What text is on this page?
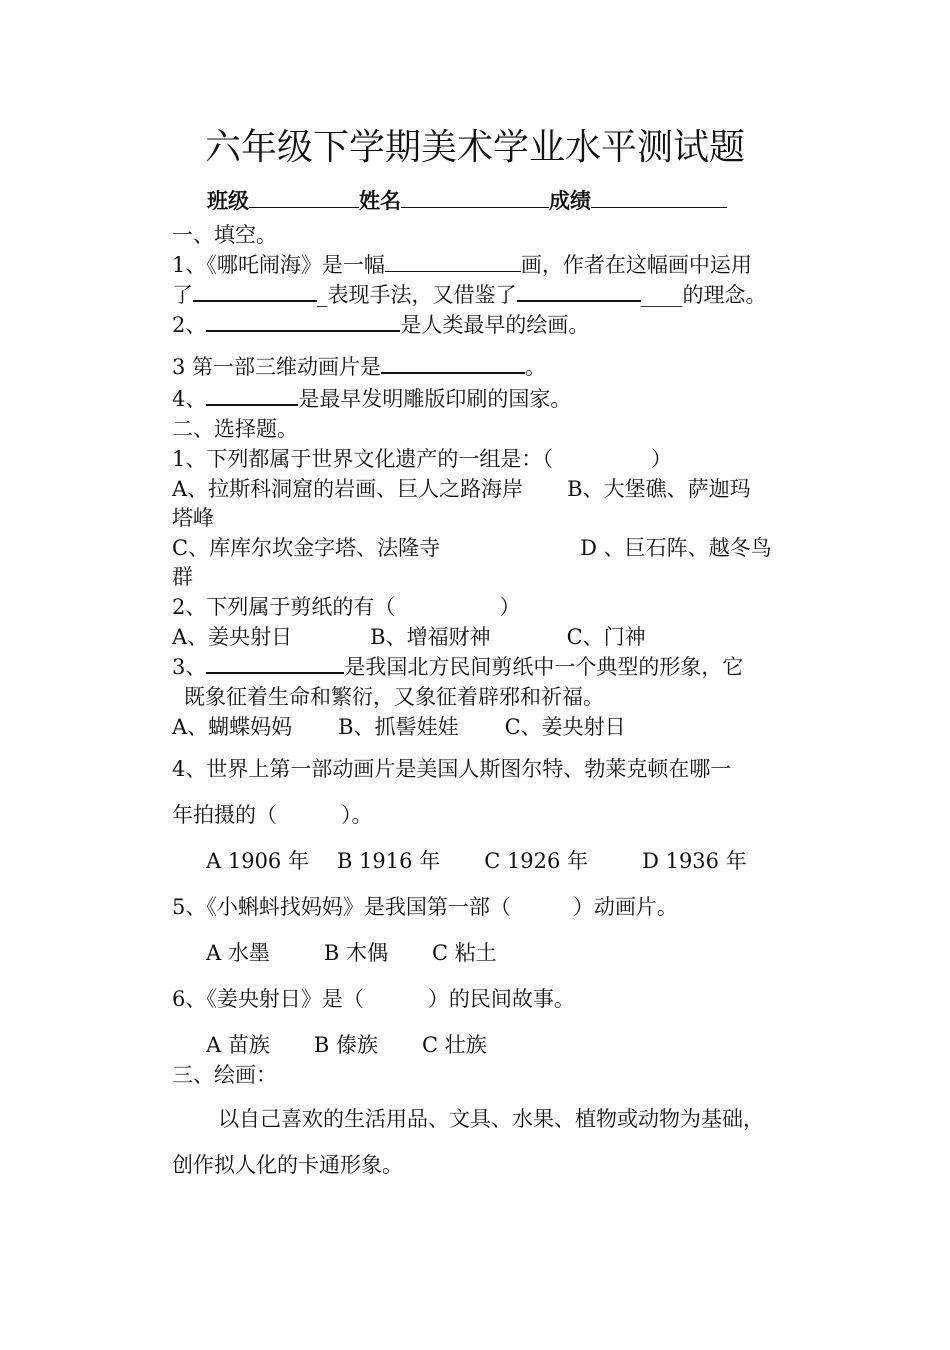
六年级下学期美术学业水平测试题
班级	姓名	成绩
一、填空。
1、《哪吒闹海》是一幅	画，作者在这幅画中运用
了	_表现手法，又借鉴了	____的理念。
2、	是人类最早的绘画。
3 第一部三维动画片是	。
4、	是最早发明雕版印刷的国家。
二、选择题。
1、下列都属于世界文化遗产的一组是：（	）
A、拉斯科洞窟的岩画、巨人之路海岸 B、大堡礁、萨迦玛
塔峰
C、库库尔坎金字塔、法隆寺	D 、巨石阵、越冬鸟
群
2、下列属于剪纸的有（	）
A、姜央射日	B、增福财神	C、门神
3、	是我国北方民间剪纸中一个典型的形象，它
既象征着生命和繁衍，又象征着辟邪和祈福。
A、蝴蝶妈妈 B、抓髻娃娃 C、姜央射日
4、世界上第一部动画片是美国人斯图尔特、勃莱克顿在哪一
年拍摄的（	）。
A 1906 年 B 1916 年 C 1926 年	D 1936 年
5、《小蝌蚪找妈妈》是我国第一部（	）动画片。
A 水墨	B 木偶 C 粘土
6、《姜央射日》是（	）的民间故事。
A 苗族 B 傣族 C 壮族
三、绘画：
以自己喜欢的生活用品、文具、水果、植物或动物为基础，
创作拟人化的卡通形象。
